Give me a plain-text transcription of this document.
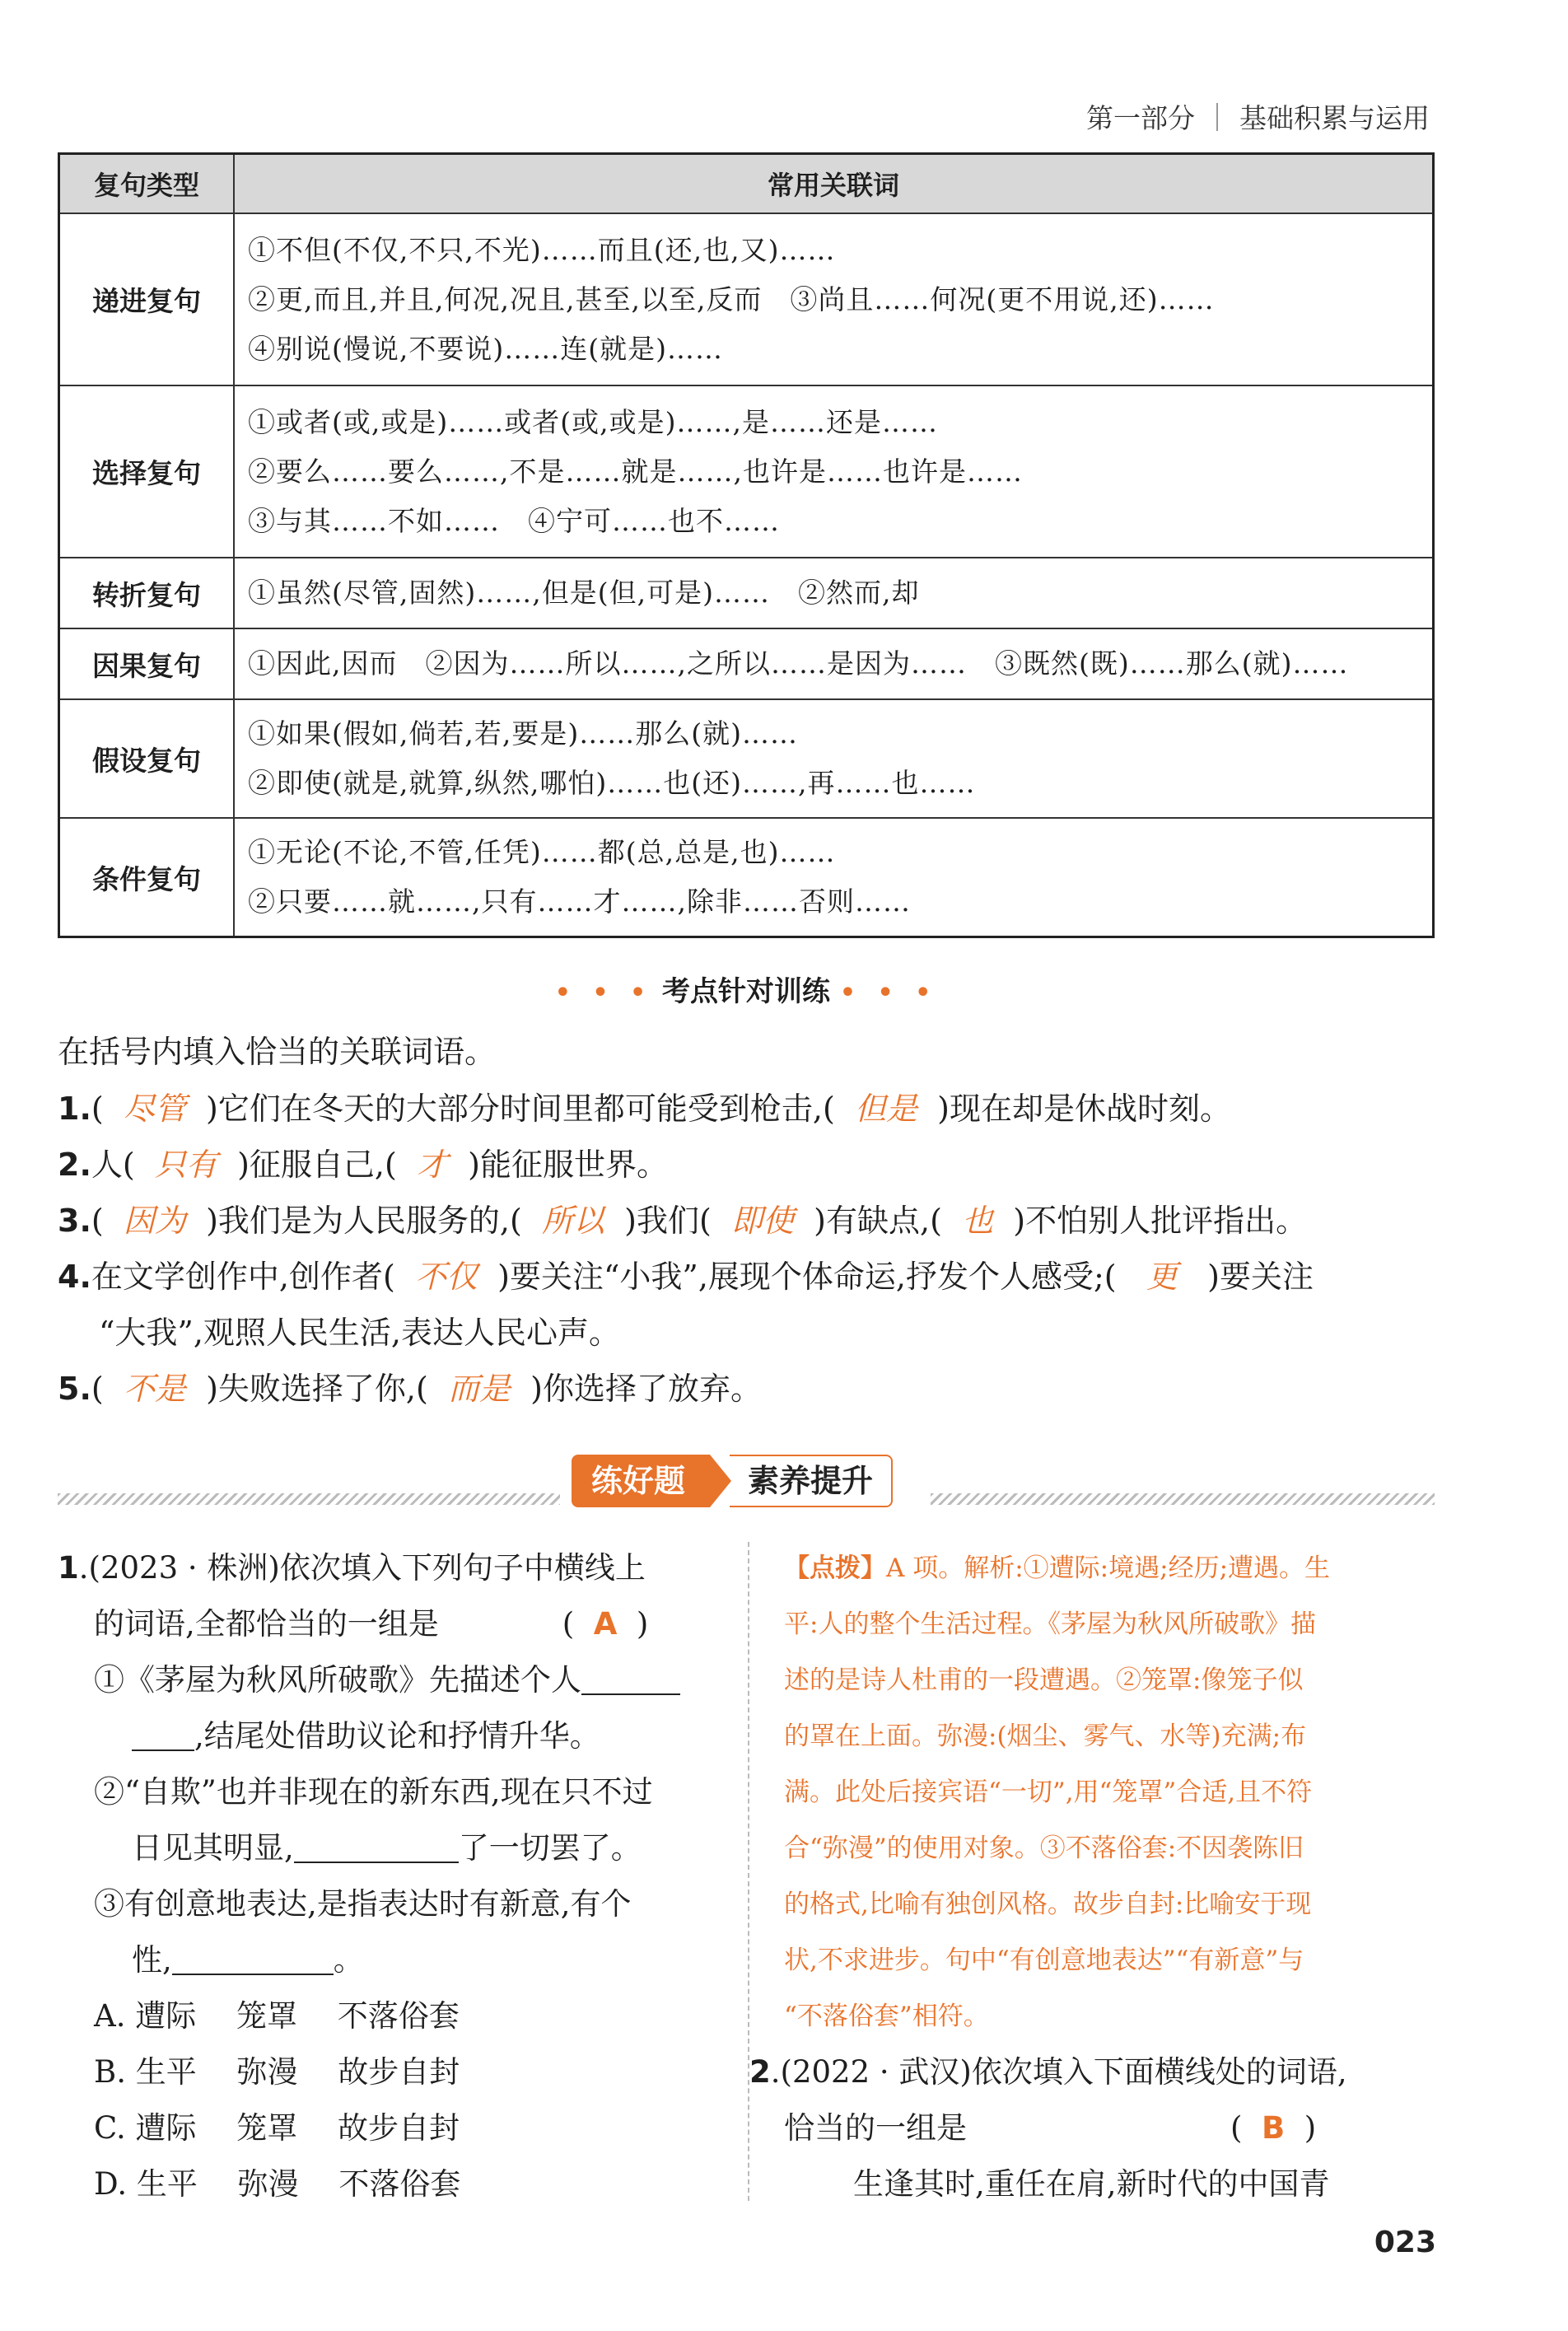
第一部分 基础积累与运用
复句类型	常用关联词
递进复句	①不但(不仅,不只,不光)……而且(还,也,又)……
②更,而且,并且,何况,况且,甚至,以至,反而　③尚且……何况(更不用说,还)……
④别说(慢说,不要说)……连(就是)……

选择复句	①或者(或,或是)……或者(或,或是)……,是……还是……
②要么……要么……,不是……就是……,也许是……也许是……
③与其……不如……　④宁可……也不……

转折复句	①虽然(尽管,固然)……,但是(但,可是)……　②然而,却

因果复句	①因此,因而　②因为……所以……,之所以……是因为……　③既然(既)……那么(就)……

假设复句	①如果(假如,倘若,若,要是)……那么(就)……
②即使(就是,就算,纵然,哪怕)……也(还)……,再……也……

条件复句	①无论(不论,不管,任凭)……都(总,总是,也)……
②只要……就……,只有……才……,除非……否则……
• • • 考点针对训练 • • •
在括号内填入恰当的关联词语。
1.(  尽管  )它们在冬天的大部分时间里都可能受到枪击,( 但是 )现在却是休战时刻。
2.人( 只有 )征服自己,( 才 )能征服世界。
3.(  因为 )我们是为人民服务的,( 所以 )我们( 即使 )有缺点,( 也 )不怕别人批评指出。
4.在文学创作中,创作者( 不仅 )要关注“小我”,展现个体命运,抒发个人感受;( 更 )要关注
“大我”,观照人民生活,表达人民心声。
5.(  不是 )失败选择了你,( 而是 )你选择了放弃。
练好题	素养提升
1.(2023 · 株洲)依次填入下列句子中横线上
的词语,全都恰当的一组是	(  A  )
①《茅屋为秋风所破歌》先描述个人
,结尾处借助议论和抒情升华。
②“自欺”也并非现在的新东西,现在只不过
日见其明显,	了一切罢了。
③有创意地表达,是指表达时有新意,有个
性,	。
A. 遭际　 笼罩　 不落俗套
B. 生平　 弥漫　 故步自封
C. 遭际　 笼罩　 故步自封
D. 生平　 弥漫　 不落俗套
【点拨】A 项。解析:①遭际:境遇;经历;遭遇。生
平:人的整个生活过程。《茅屋为秋风所破歌》描
述的是诗人杜甫的一段遭遇。②笼罩:像笼子似
的罩在上面。弥漫:(烟尘、雾气、水等)充满;布
满。此处后接宾语“一切”,用“笼罩”合适,且不符
合“弥漫”的使用对象。③不落俗套:不因袭陈旧
的格式,比喻有独创风格。故步自封:比喻安于现
状,不求进步。句中“有创意地表达”“有新意”与
“不落俗套”相符。
2.(2022 · 武汉)依次填入下面横线处的词语,
恰当的一组是	(  B  )
生逢其时,重任在肩,新时代的中国青
023
